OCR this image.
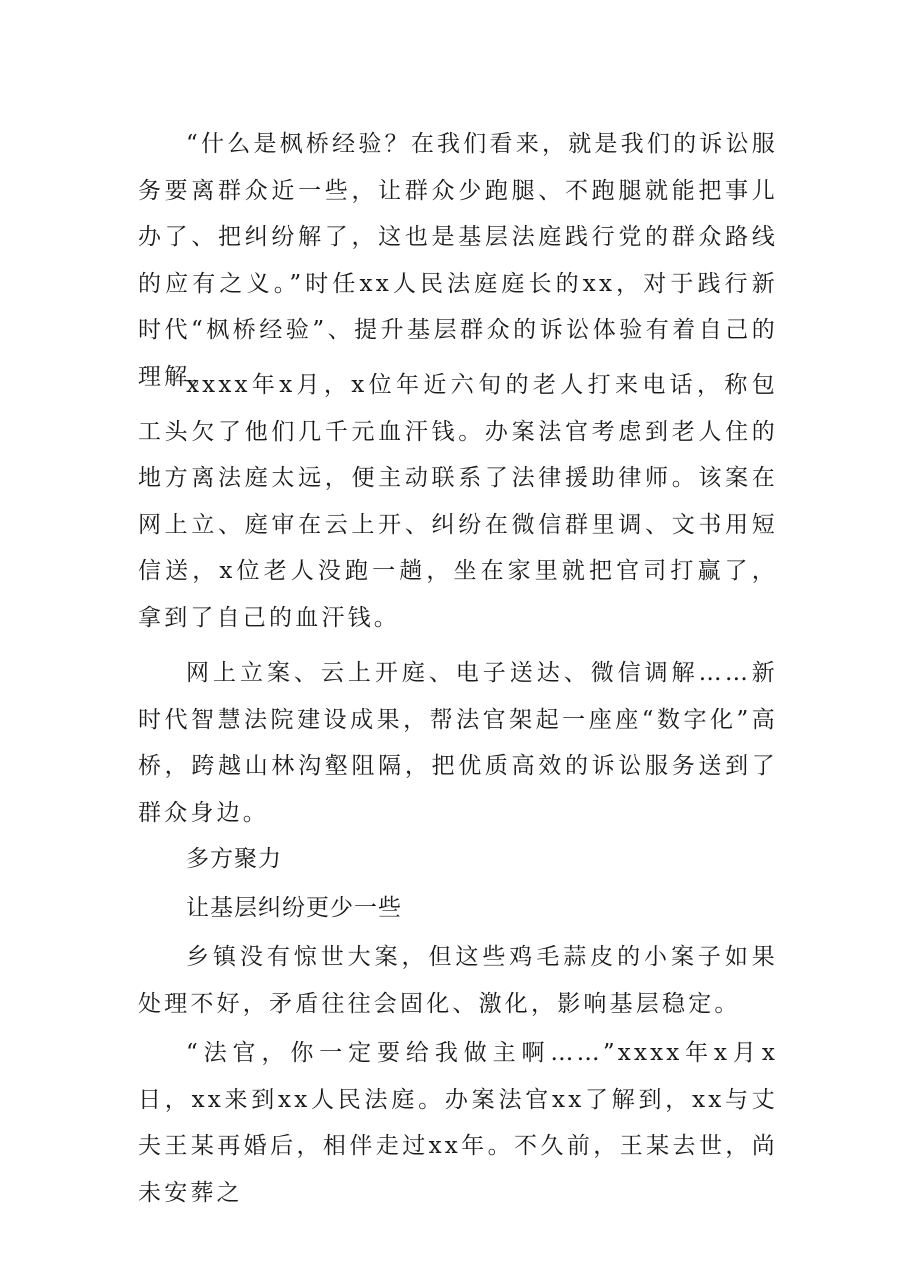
“什么是枫桥经验？在我们看来，就是我们的诉讼服务要离群众近一些，让群众少跑腿、不跑腿就能把事儿办了、把纠纷解了，这也是基层法庭践行党的群众路线的应有之义。”时任xx人民法庭庭长的xx，对于践行新时代“枫桥经验”、提升基层群众的诉讼体验有着自己的理解。

xxxx年x月，x位年近六旬的老人打来电话，称包工头欠了他们几千元血汗钱。办案法官考虑到老人住的地方离法庭太远，便主动联系了法律援助律师。该案在网上立、庭审在云上开、纠纷在微信群里调、文书用短信送，x位老人没跑一趟，坐在家里就把官司打赢了，拿到了自己的血汗钱。

网上立案、云上开庭、电子送达、微信调解……新时代智慧法院建设成果，帮法官架起一座座“数字化”高桥，跨越山林沟壑阻隔，把优质高效的诉讼服务送到了群众身边。

多方聚力
让基层纠纷更少一些

乡镇没有惊世大案，但这些鸡毛蒜皮的小案子如果处理不好，矛盾往往会固化、激化，影响基层稳定。

“法官，你一定要给我做主啊……”xxxx年x月x日，xx来到xx人民法庭。办案法官xx了解到，xx与丈夫王某再婚后，相伴走过xx年。不久前，王某去世，尚未安葬之
